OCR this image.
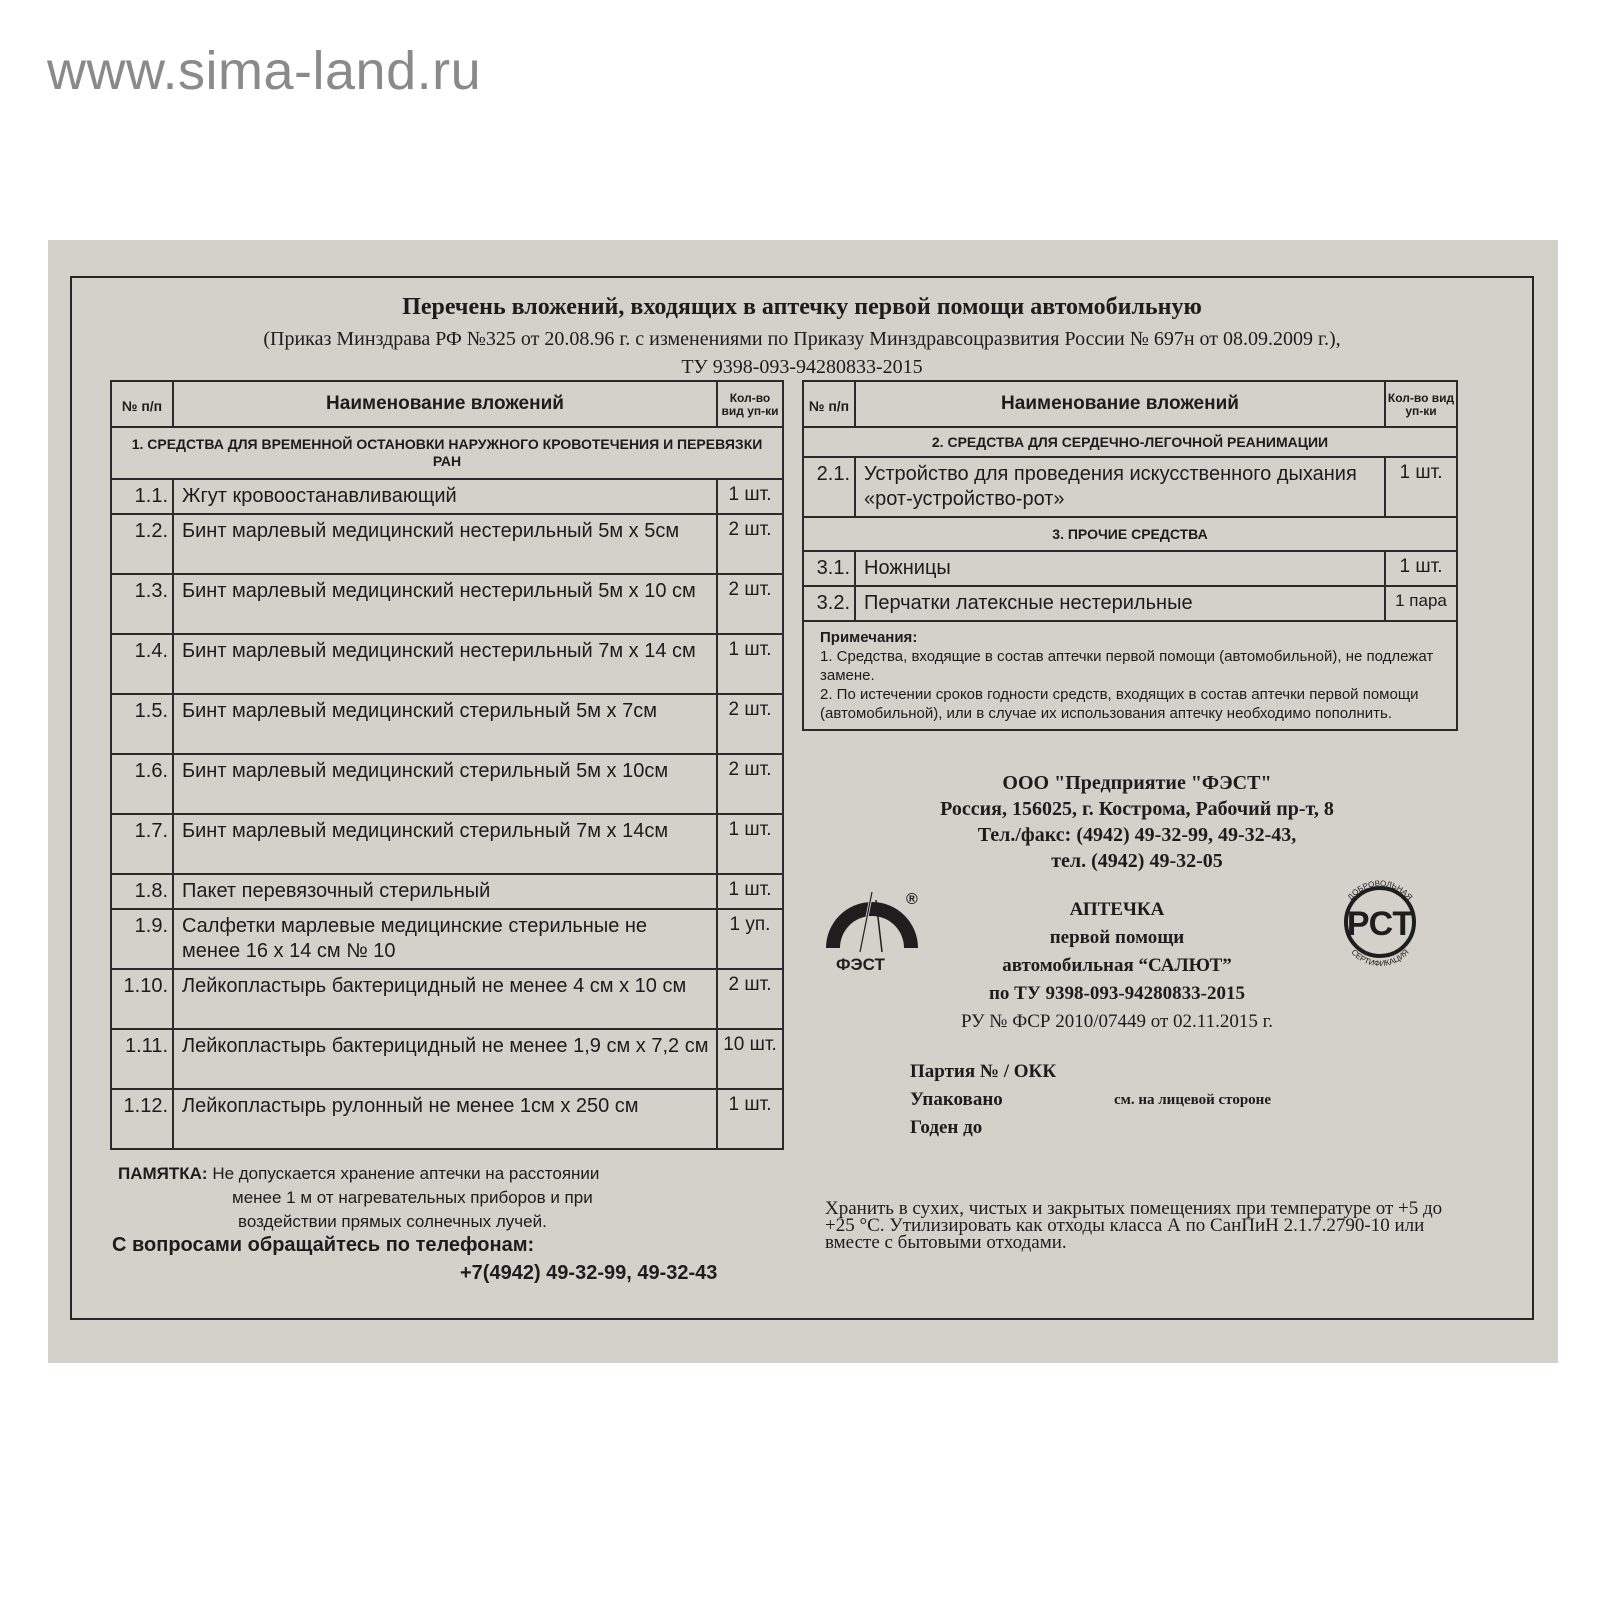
www.sima-land.ru
Перечень вложений, входящих в аптечку первой помощи автомобильную
(Приказ Минздрава РФ №325 от 20.08.96 г. с изменениями по Приказу Минздравсоцразвития России № 697н от 08.09.2009 г.),
ТУ 9398-093-94280833-2015
№ п/п	Наименование вложений	Кол-во вид уп-ки
1. СРЕДСТВА ДЛЯ ВРЕМЕННОЙ ОСТАНОВКИ НАРУЖНОГО КРОВОТЕЧЕНИЯ И ПЕРЕВЯЗКИ РАН		
1.1.	Жгут кровоостанавливающий	1 шт.
1.2.	Бинт марлевый медицинский нестерильный 5м х 5см	2 шт.
1.3.	Бинт марлевый медицинский нестерильный 5м х 10 см	2 шт.
1.4.	Бинт марлевый медицинский нестерильный 7м х 14 см	1 шт.
1.5.	Бинт марлевый медицинский стерильный 5м х 7см	2 шт.
1.6.	Бинт марлевый медицинский стерильный 5м х 10см	2 шт.
1.7.	Бинт марлевый медицинский стерильный 7м х 14см	1 шт.
1.8.	Пакет перевязочный стерильный	1 шт.
1.9.	Салфетки марлевые медицинские стерильные не менее 16 х 14 см № 10	1 уп.
1.10.	Лейкопластырь бактерицидный не менее 4 см х 10 см	2 шт.
1.11.	Лейкопластырь бактерицидный не менее 1,9 см х 7,2 см	10 шт.
1.12.	Лейкопластырь рулонный не менее 1см х 250 см	1 шт.
№ п/п	Наименование вложений	Кол-во вид уп-ки
2. СРЕДСТВА ДЛЯ СЕРДЕЧНО-ЛЕГОЧНОЙ РЕАНИМАЦИИ		
2.1.	Устройство для проведения искусственного дыхания «рот-устройство-рот»	1 шт.
3. ПРОЧИЕ СРЕДСТВА		
3.1.	Ножницы	1 шт.
3.2.	Перчатки латексные нестерильные	1 пара

Примечания:
1. Средства, входящие в состав аптечки первой помощи (автомобильной), не подлежат замене.
2. По истечении сроков годности средств, входящих в состав аптечки первой помощи (автомобильной), или в случае их использования аптечку необходимо пополнить.		
ПАМЯТКА: Не допускается хранение аптечки на расстоянии
менее 1 м от нагревательных приборов и при
воздействии прямых солнечных лучей.
С вопросами обращайтесь по телефонам:
+7(4942) 49-32-99, 49-32-43
ООО "Предприятие "ФЭСТ"
Россия, 156025, г. Кострома, Рабочий пр-т, 8
Тел./факс: (4942) 49-32-99, 49-32-43,
тел. (4942) 49-32-05
ФЭСТ
®	АПТЕЧКА
первой помощи
автомобильная “САЛЮТ”
по ТУ 9398-093-94280833-2015
РУ № ФСР 2010/07449 от 02.11.2015 г.
РСТ
ДОБРОВОЛЬНАЯ
СЕРТИФИКАЦИЯ
Партия № / ОКК
Упаковано
Годен до
см. на лицевой стороне
Хранить в сухих, чистых и закрытых помещениях при температуре от +5 до +25 °С. Утилизировать как отходы класса А по СанПиН 2.1.7.2790-10 или вместе с бытовыми отходами.
